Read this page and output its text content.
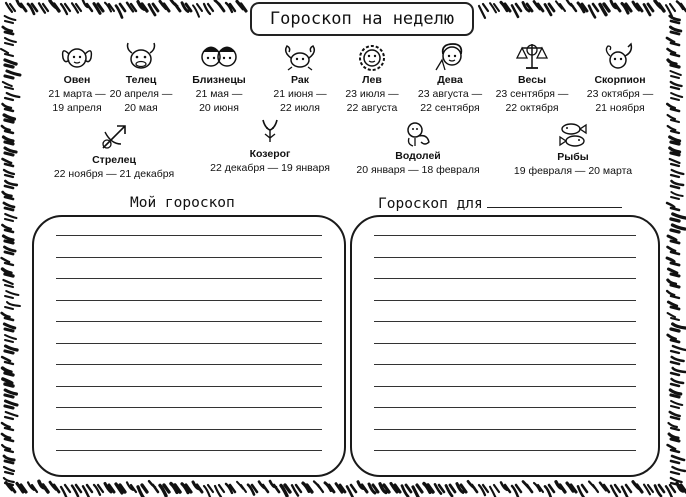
Гороскоп на неделю
Овен
21 марта —
19 апреля
Телец
20 апреля —
20 мая
Близнецы
21 мая —
20 июня
Рак
21 июня —
22 июля
Лев
23 июля —
22 августа
Дева
23 августа —
22 сентября
Весы
23 сентября —
22 октября
Скорпион
23 октября —
21 ноября
Стрелец
22 ноября — 21 декабря
Козерог
22 декабря — 19 января
Водолей
20 января — 18 февраля
Рыбы
19 февраля — 20 марта
Мой гороскоп	Гороскоп для
